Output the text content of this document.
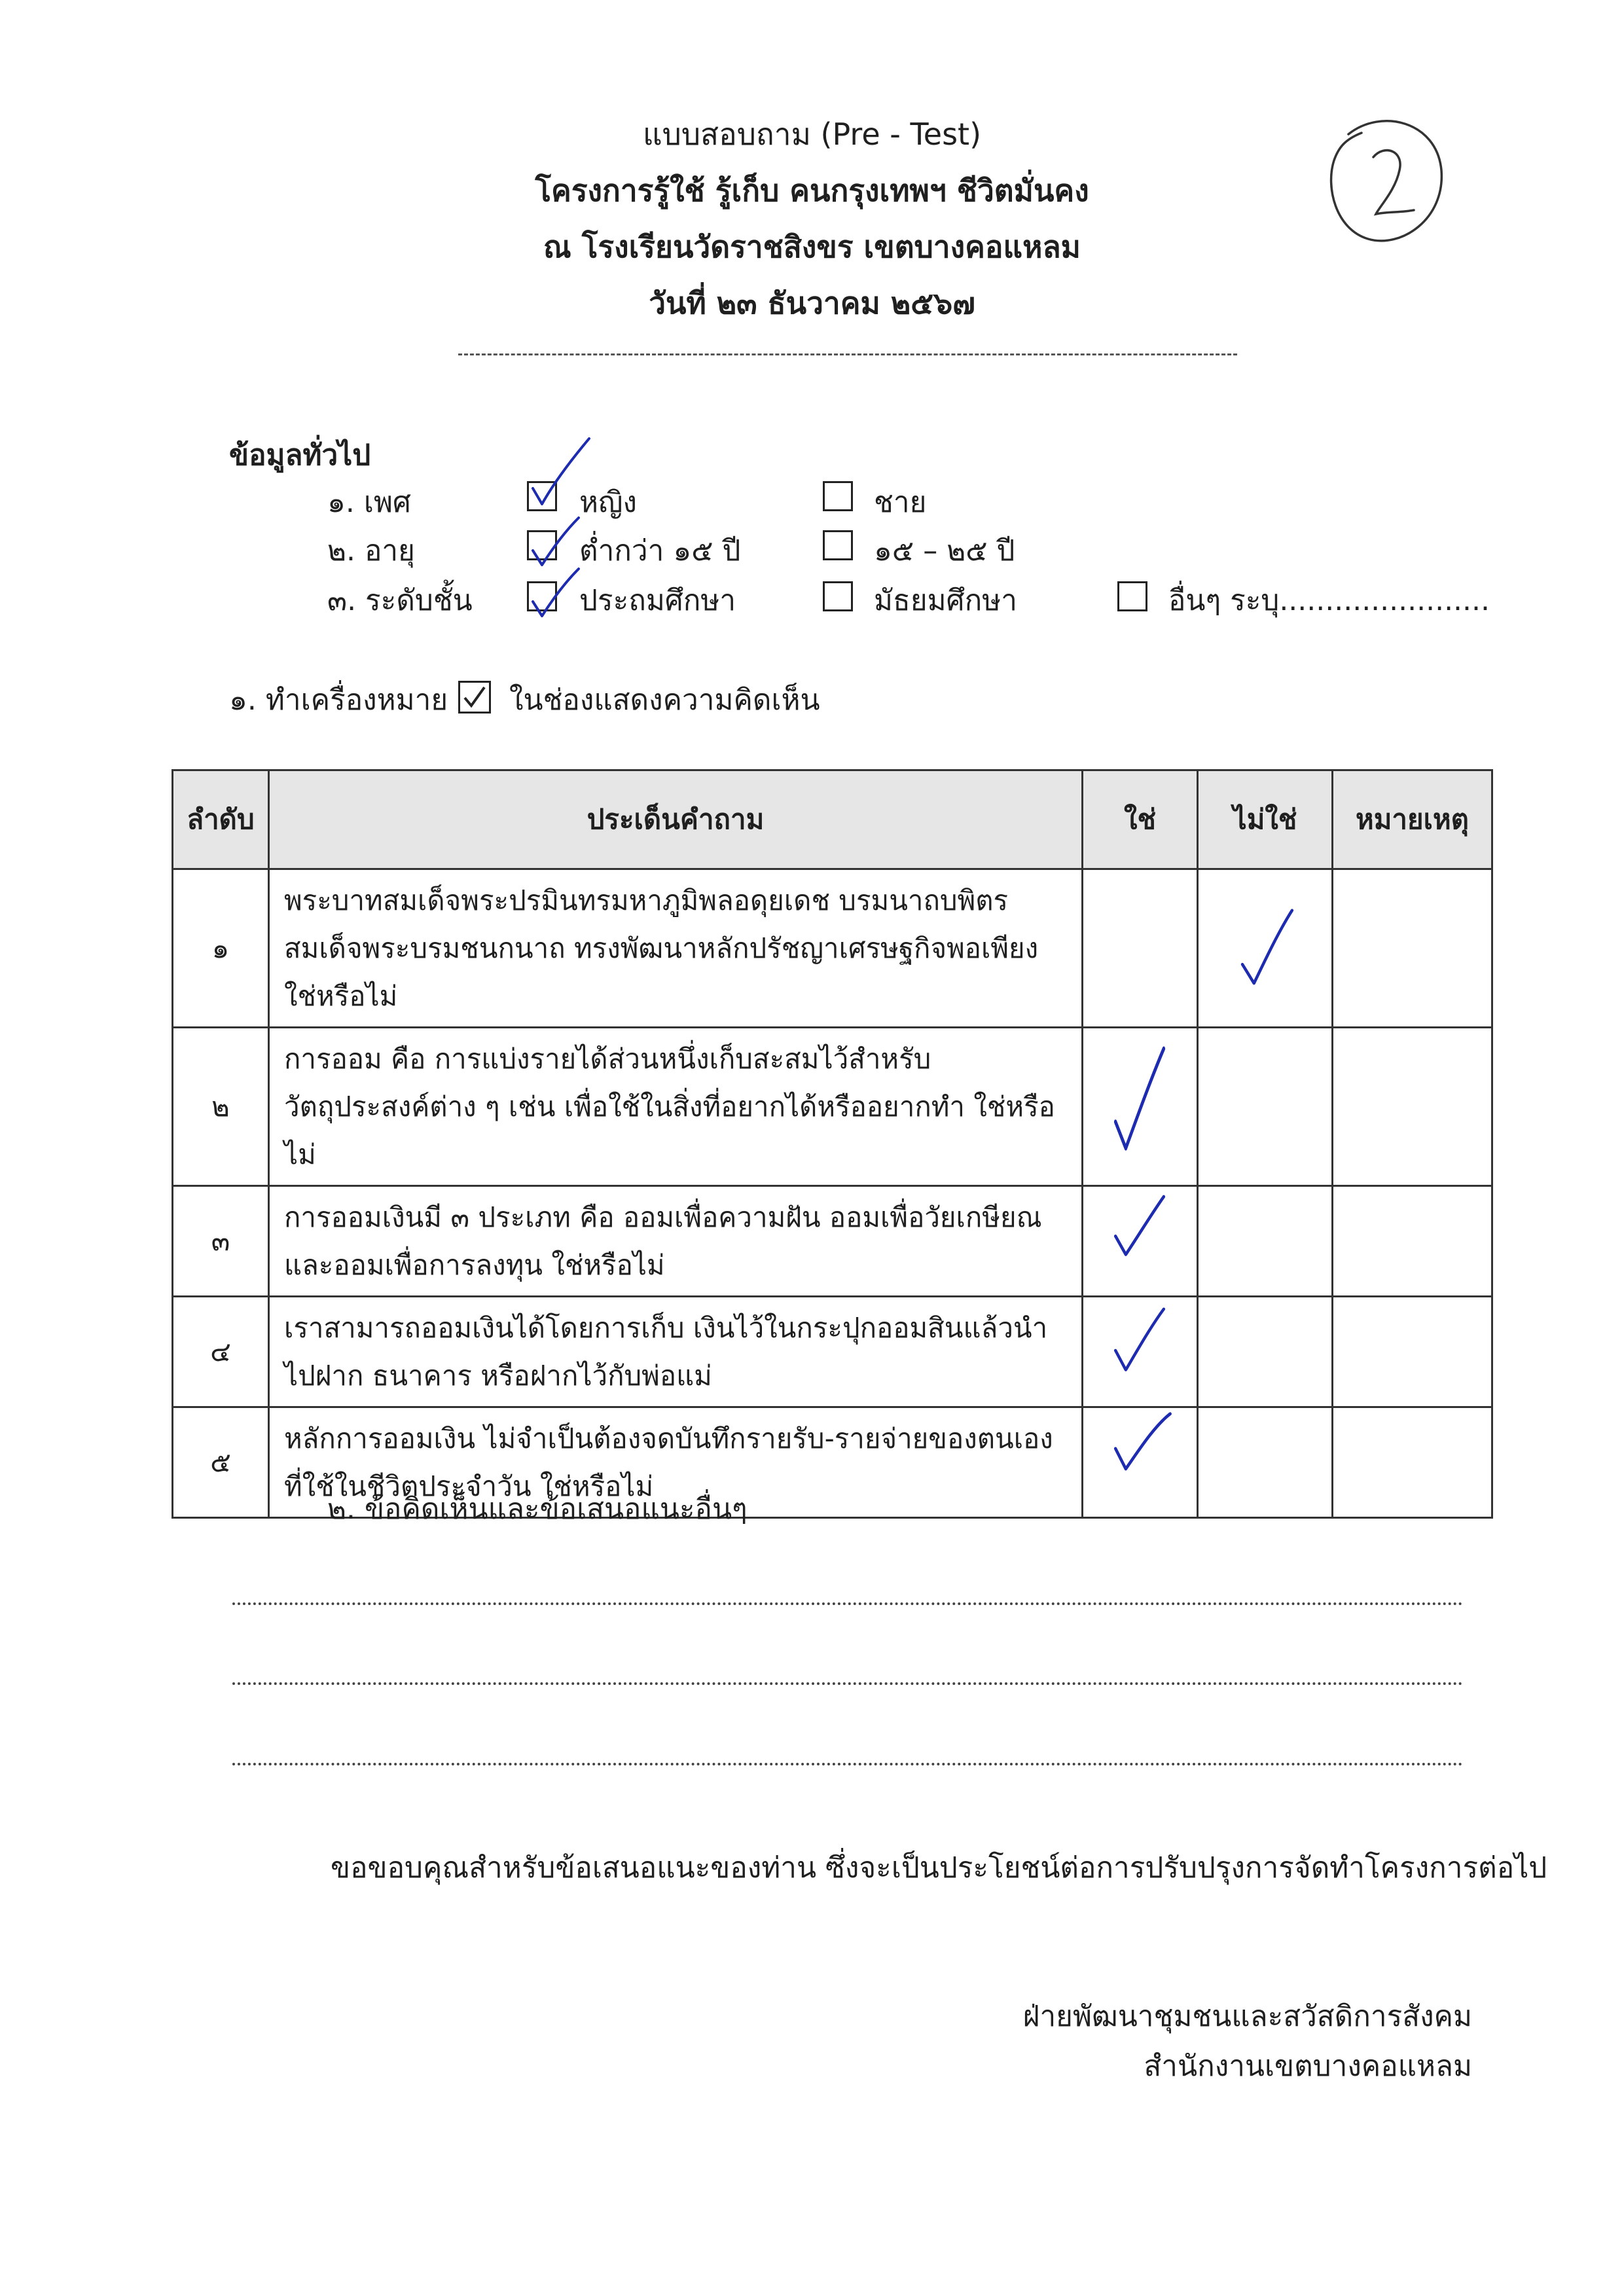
แบบสอบถาม (Pre - Test)
โครงการรู้ใช้ รู้เก็บ คนกรุงเทพฯ ชีวิตมั่นคง
ณ โรงเรียนวัดราชสิงขร เขตบางคอแหลม
วันที่ ๒๓ ธันวาคม ๒๕๖๗
ข้อมูลทั่วไป
๑. เพศ	หญิง	ชาย
๒. อายุ	ต่ำกว่า ๑๕ ปี	๑๕ – ๒๕ ปี
๓. ระดับชั้น	ประถมศึกษา	มัธยมศึกษา	อื่นๆ ระบุ.......................
๑. ทำเครื่องหมาย ในช่องแสดงความคิดเห็น
ลำดับ	ประเด็นคำถาม	ใช่	ไม่ใช่	หมายเหตุ
๑	พระบาทสมเด็จพระปรมินทรมหาภูมิพลอดุยเดช บรมนาถบพิตร สมเด็จพระบรมชนกนาถ ทรงพัฒนาหลักปรัชญาเศรษฐกิจพอเพียงใช่หรือไม่		

๒	การออม คือ การแบ่งรายได้ส่วนหนึ่งเก็บสะสมไว้สำหรับวัตถุประสงค์ต่าง ๆ เช่น เพื่อใช้ในสิ่งที่อยากได้หรืออยากทำ ใช่หรือไม่	

๓	การออมเงินมี ๓ ประเภท คือ ออมเพื่อความฝัน ออมเพื่อวัยเกษียณ และออมเพื่อการลงทุน ใช่หรือไม่	

๔	เราสามารถออมเงินได้โดยการเก็บ เงินไว้ในกระปุกออมสินแล้วนำไปฝาก ธนาคาร หรือฝากไว้กับพ่อแม่	

๕	หลักการออมเงิน ไม่จำเป็นต้องจดบันทึกรายรับ-รายจ่ายของตนเองที่ใช้ในชีวิตประจำวัน ใช่หรือไม่	

๒. ข้อคิดเห็นและข้อเสนอแนะอื่นๆ
ขอขอบคุณสำหรับข้อเสนอแนะของท่าน ซึ่งจะเป็นประโยชน์ต่อการปรับปรุงการจัดทำโครงการต่อไป
ฝ่ายพัฒนาชุมชนและสวัสดิการสังคม
สำนักงานเขตบางคอแหลม
